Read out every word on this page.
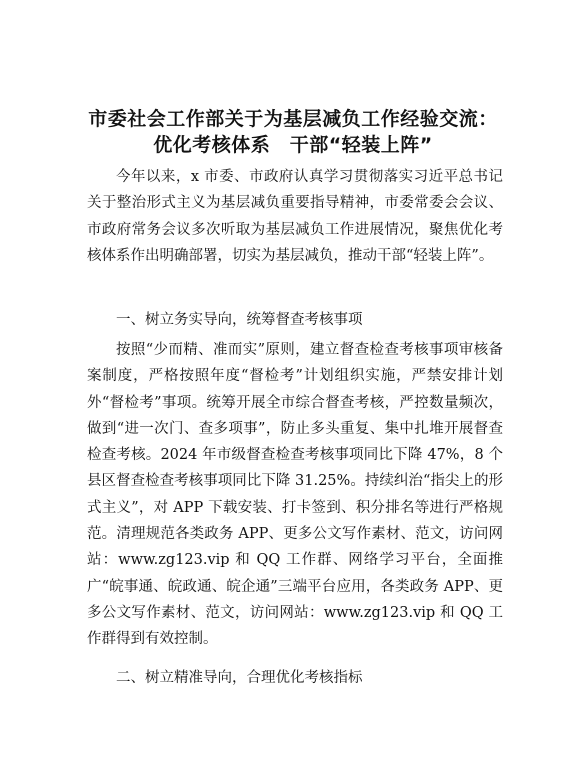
市委社会工作部关于为基层减负工作经验交流：
优化考核体系　干部“轻装上阵”

今年以来，x 市委、市政府认真学习贯彻落实习近平总书记关于整治形式主义为基层减负重要指导精神，市委常委会会议、市政府常务会议多次听取为基层减负工作进展情况，聚焦优化考核体系作出明确部署，切实为基层减负，推动干部“轻装上阵”。

一、树立务实导向，统筹督查考核事项

按照“少而精、准而实”原则，建立督查检查考核事项审核备案制度，严格按照年度“督检考”计划组织实施，严禁安排计划外“督检考”事项。统筹开展全市综合督查考核，严控数量频次，做到“进一次门、查多项事”，防止多头重复、集中扎堆开展督查检查考核。2024 年市级督查检查考核事项同比下降 47%，8 个县区督查检查考核事项同比下降 31.25%。持续纠治“指尖上的形式主义”，对 APP 下载安装、打卡签到、积分排名等进行严格规范。清理规范各类政务 APP、更多公文写作素材、范文，访问网站：www.zg123.vip 和 QQ 工作群、网络学习平台，全面推广“皖事通、皖政通、皖企通”三端平台应用，各类政务 APP、更多公文写作素材、范文，访问网站：www.zg123.vip 和 QQ 工作群得到有效控制。

二、树立精准导向，合理优化考核指标
